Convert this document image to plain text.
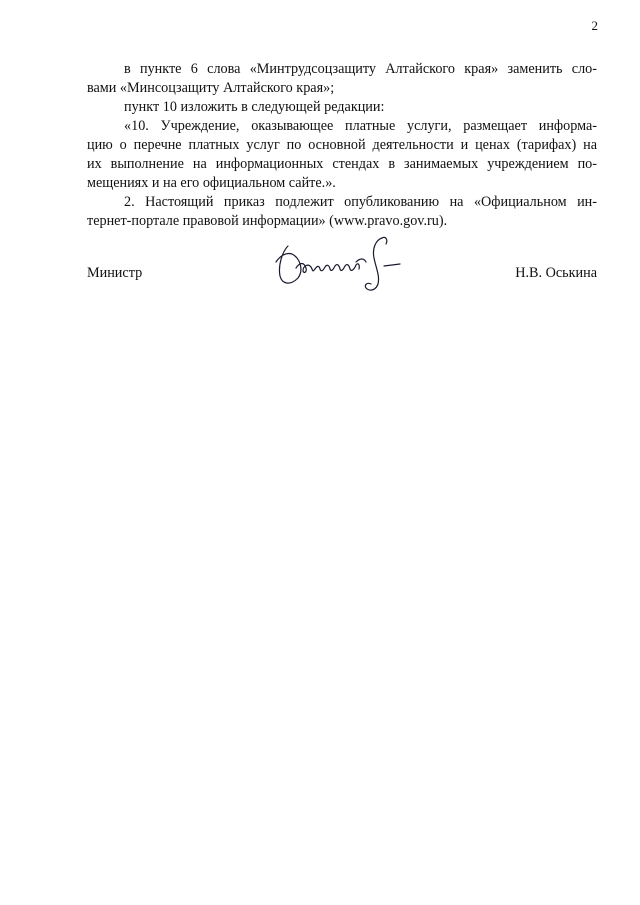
2
в пункте 6 слова «Минтрудсоцзащиту Алтайского края» заменить сло-
вами «Минсоцзащиту Алтайского края»;
пункт 10 изложить в следующей редакции:
«10. Учреждение, оказывающее платные услуги, размещает информа-
цию о перечне платных услуг по основной деятельности и ценах (тарифах) на
их выполнение на информационных стендах в занимаемых учреждением по-
мещениях и на его официальном сайте.».
2. Настоящий приказ подлежит опубликованию на «Официальном ин-
тернет-портале правовой информации» (www.pravo.gov.ru).
Министр	Н.В. Оськина
